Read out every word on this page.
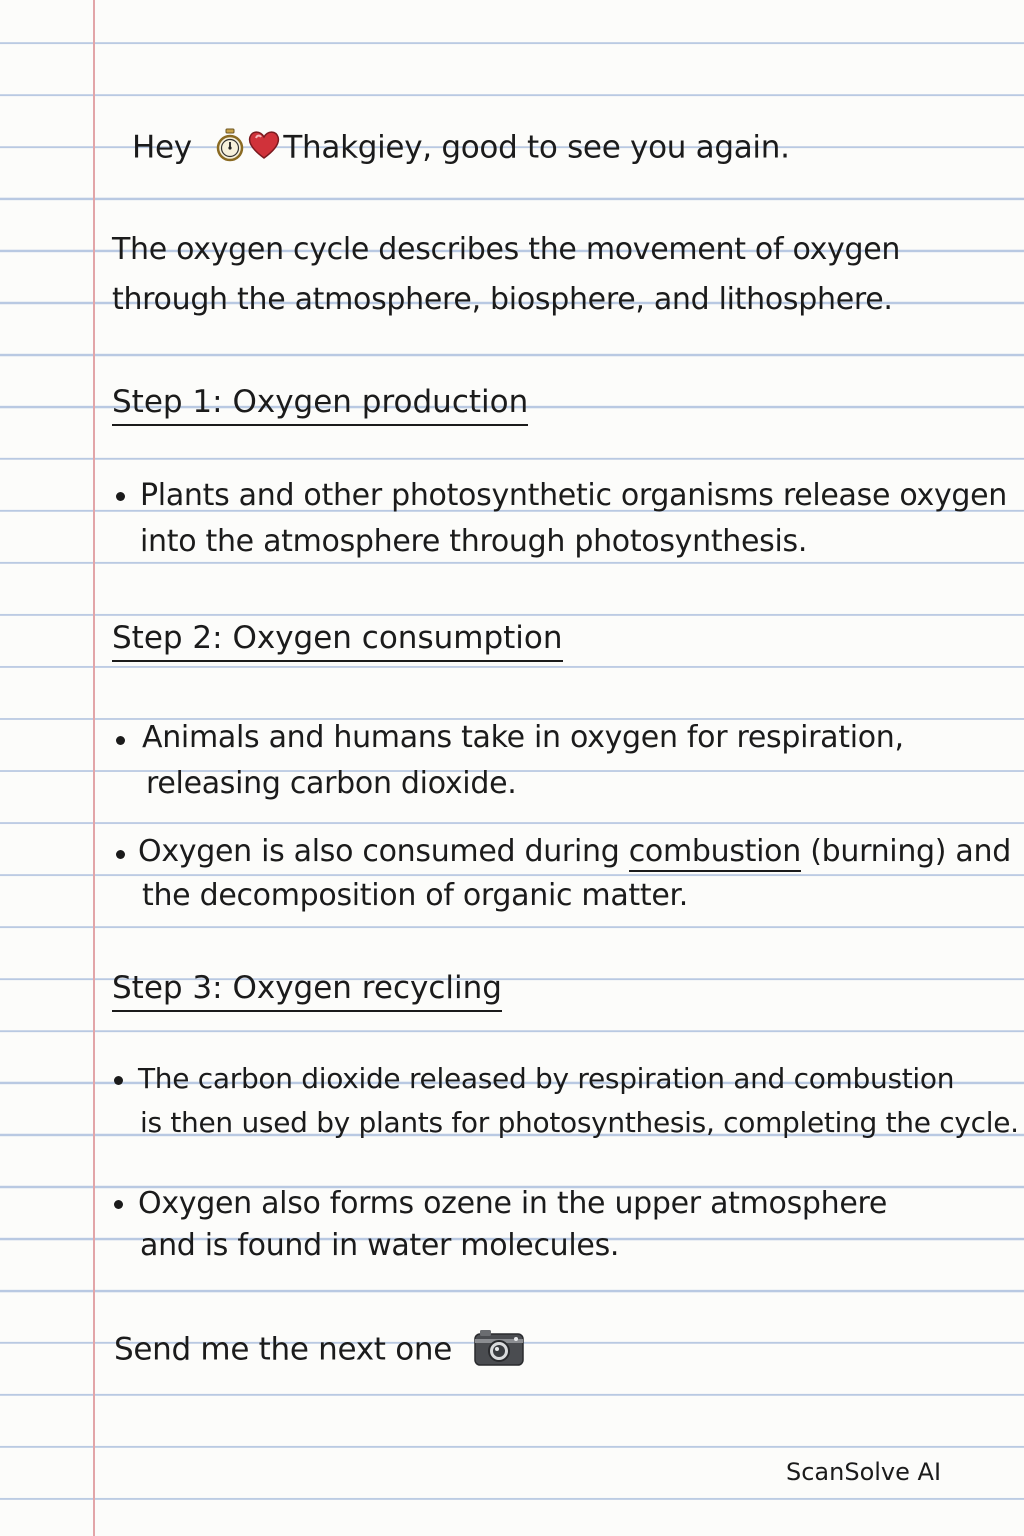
Hey	Thakgiey, good to see you again.
The oxygen cycle describes the movement of oxygen
through the atmosphere, biosphere, and lithosphere.
Step 1: Oxygen production
Plants and other photosynthetic organisms release oxygen
into the atmosphere through photosynthesis.
Step 2: Oxygen consumption
Animals and humans take in oxygen for respiration,
releasing carbon dioxide.
Oxygen is also consumed during combustion (burning) and
the decomposition of organic matter.
Step 3: Oxygen recycling
The carbon dioxide released by respiration and combustion
is then used by plants for photosynthesis, completing the cycle.
Oxygen also forms ozene in the upper atmosphere
and is found in water molecules.
Send me the next one
ScanSolve AI
